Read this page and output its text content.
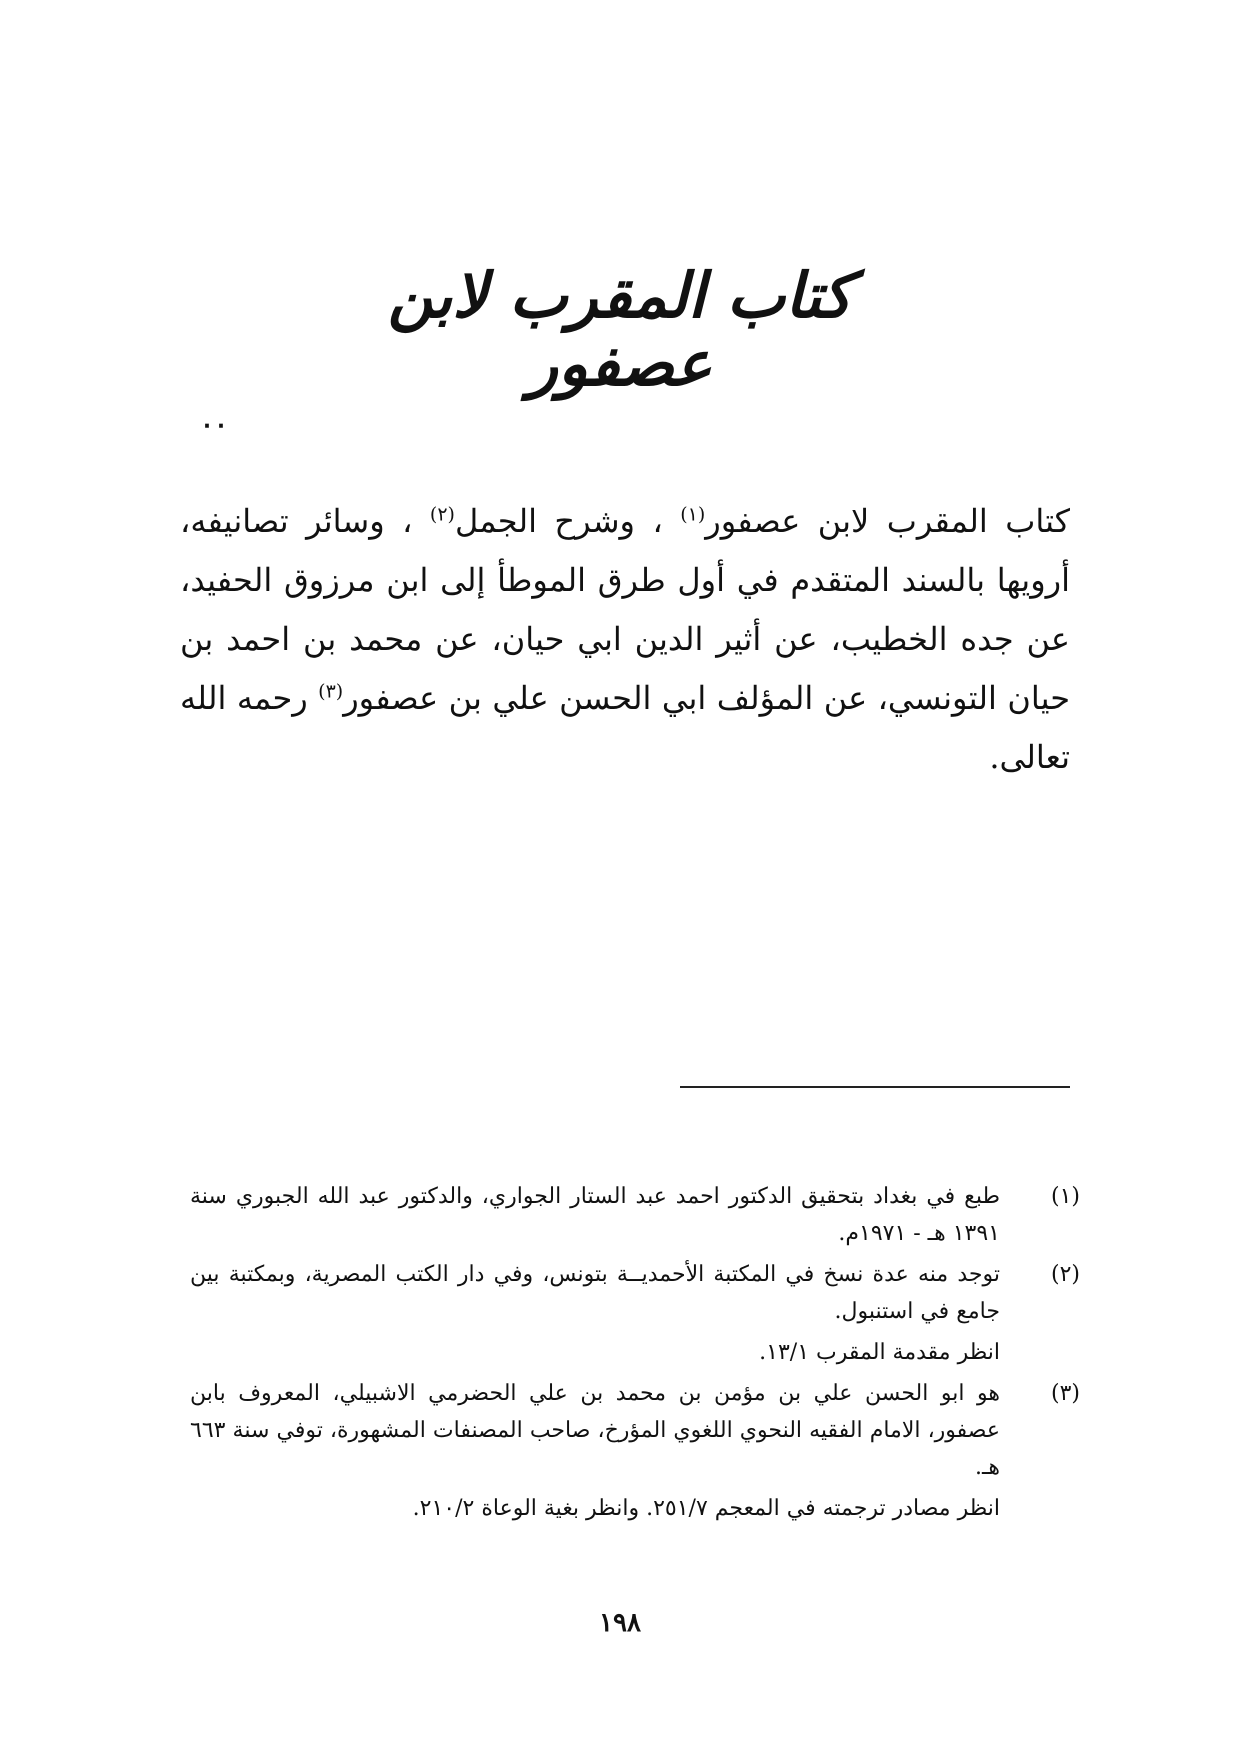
كتاب المقرب لابن عصفور
٠٠

كتاب المقرب لابن عصفور$^{(١)}$ ، وشرح الجمل$^{(٢)}$ ، وسائر تصانيفه، أرويها بالسند المتقدم في أول طرق الموطأ إلى ابن مرزوق الحفيد، عن جده الخطيب، عن أثير الدين ابي حيان، عن محمد بن احمد بن حيان التونسي، عن المؤلف ابي الحسن علي بن عصفور$^{(٣)}$ رحمه الله تعالى.

(١)
طبع في بغداد بتحقيق الدكتور احمد عبد الستار الجواري، والدكتور عبد الله الجبوري سنة ١٣٩١ هـ - ١٩٧١م.
(٢)
توجد منه عدة نسخ في المكتبة الأحمديــة بتونس، وفي دار الكتب المصرية، وبمكتبة بين جامع في استنبول.
انظر مقدمة المقرب ١٣/١.
(٣)
هو ابو الحسن علي بن مؤمن بن محمد بن علي الحضرمي الاشبيلي، المعروف بابن عصفور، الامام الفقيه النحوي اللغوي المؤرخ، صاحب المصنفات المشهورة، توفي سنة ٦٦٣ هـ.
انظر مصادر ترجمته في المعجم ٢٥١/٧. وانظر بغية الوعاة ٢١٠/٢.
١٩٨
